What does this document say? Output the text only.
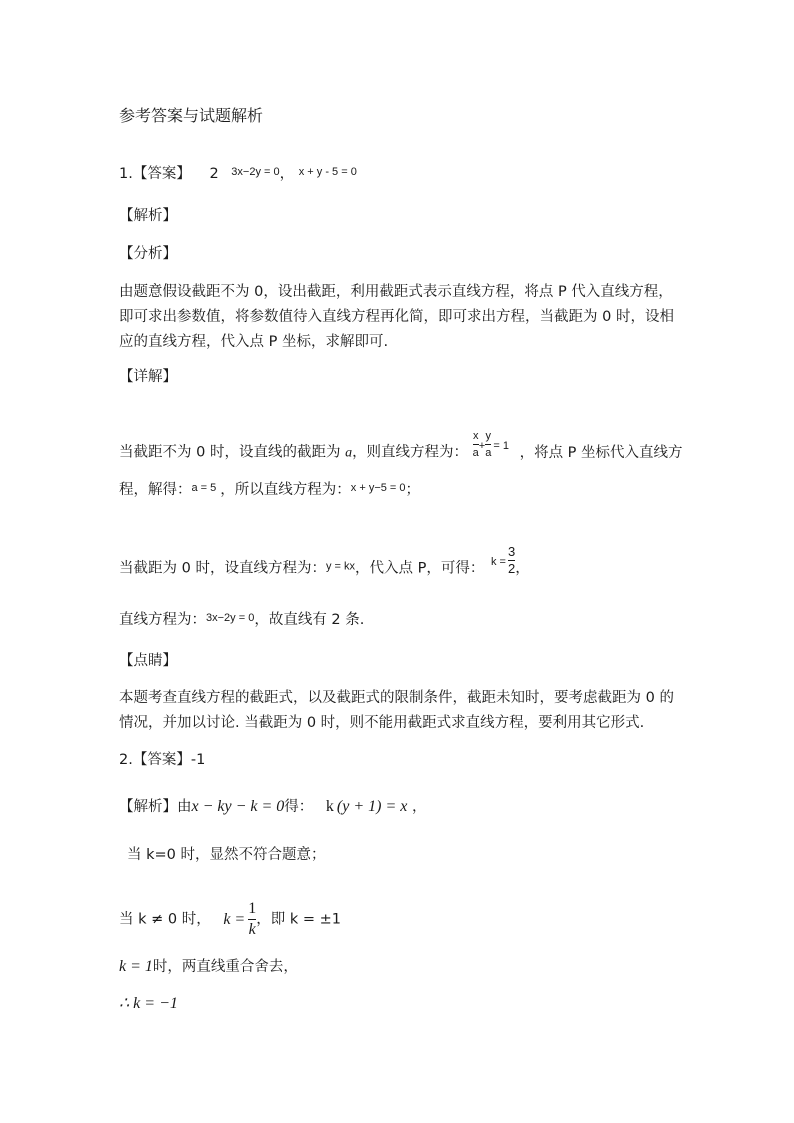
参考答案与试题解析
1.【答案】 2 $^{3x-2y = 0}$， $^{x + y - 5 = 0}$
【解析】
【分析】
由题意假设截距不为 0，设出截距，利用截距式表示直线方程，将点 P 代入直线方程，
即可求出参数值，将参数值待入直线方程再化简，即可求出方程，当截距为 0 时，设相
应的直线方程，代入点 P 坐标，求解即可.
【详解】
当截距不为 0 时，设直线的截距为 a，则直线方程为： $\frac{x}{a} ^+ \frac{y}{a} ^{= 1}$ ，将点 P 坐标代入直线方
程，解得：$^{a = 5}$ ，所以直线方程为：$^{x + y-5 = 0}$；
当截距为 0 时，设直线方程为：$^{y = kx}$，代入点 P，可得： $^{k =} \frac{3}{2}$ ，
直线方程为：$^{3x-2y = 0}$，故直线有 2 条.
【点睛】
本题考查直线方程的截距式，以及截距式的限制条件，截距未知时，要考虑截距为 0 的
情况，并加以讨论. 当截距为 0 时，则不能用截距式求直线方程，要利用其它形式.
2.【答案】-1
【解析】由x − ky − k = 0得： k (y + 1) = x ，
当 k=0 时，显然不符合题意；
当 k ≠ 0 时， $k = \frac{1}{k}$ ，即 k = ±1
k = 1时，两直线重合舍去，
∴ k = −1
